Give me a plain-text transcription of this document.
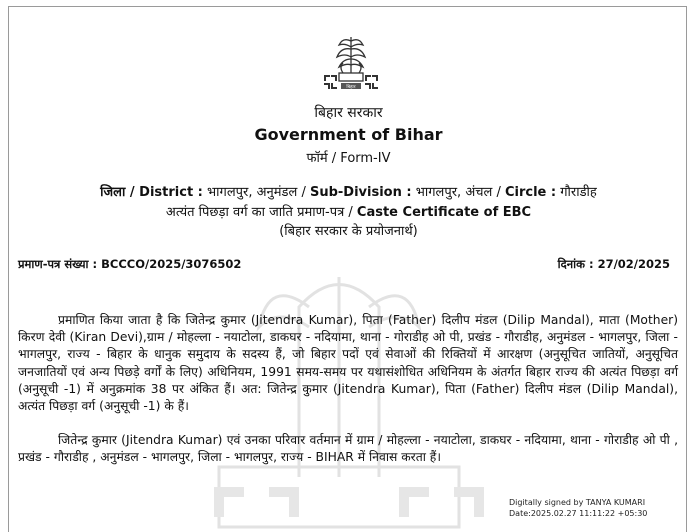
बिहार
बिहार सरकार
Government of Bihar
फॉर्म / Form-IV
जिला / District : भागलपुर, अनुमंडल / Sub-Division : भागलपुर, अंचल / Circle : गौराडीह
अत्यंत पिछड़ा वर्ग का जाति प्रमाण-पत्र / Caste Certificate of EBC
(बिहार सरकार के प्रयोजनार्थ)
प्रमाण-पत्र संख्या : BCCCO/2025/3076502	दिनांक : 27/02/2025
प्रमाणित किया जाता है कि जितेन्द्र कुमार (Jitendra Kumar), पिता (Father) दिलीप मंडल (Dilip Mandal), माता (Mother) किरण देवी (Kiran Devi),ग्राम / मोहल्ला - नयाटोला, डाकघर - नदियामा, थाना - गोराडीह ओ पी, प्रखंड - गौराडीह, अनुमंडल - भागलपुर, जिला - भागलपुर, राज्य - बिहार के धानुक समुदाय के सदस्य हैं, जो बिहार पदों एवं सेवाओं की रिक्तियों में आरक्षण (अनुसूचित जातियों, अनुसूचित जनजातियों एवं अन्य पिछड़े वर्गों के लिए) अधिनियम, 1991 समय-समय पर यथासंशोधित अधिनियम के अंतर्गत बिहार राज्य की अत्यंत पिछड़ा वर्ग (अनुसूची -1) में अनुक्रमांक 38 पर अंकित हैं। अत: जितेन्द्र कुमार (Jitendra Kumar), पिता (Father) दिलीप मंडल (Dilip Mandal), अत्यंत पिछड़ा वर्ग (अनुसूची -1) के हैं।
जितेन्द्र कुमार (Jitendra Kumar) एवं उनका परिवार वर्तमान में ग्राम / मोहल्ला - नयाटोला, डाकघर - नदियामा, थाना - गोराडीह ओ पी , प्रखंड - गौराडीह , अनुमंडल - भागलपुर, जिला - भागलपुर, राज्य - BIHAR में निवास करता हैं।
Digitally signed by TANYA KUMARI
Date:2025.02.27 11:11:22 +05:30
